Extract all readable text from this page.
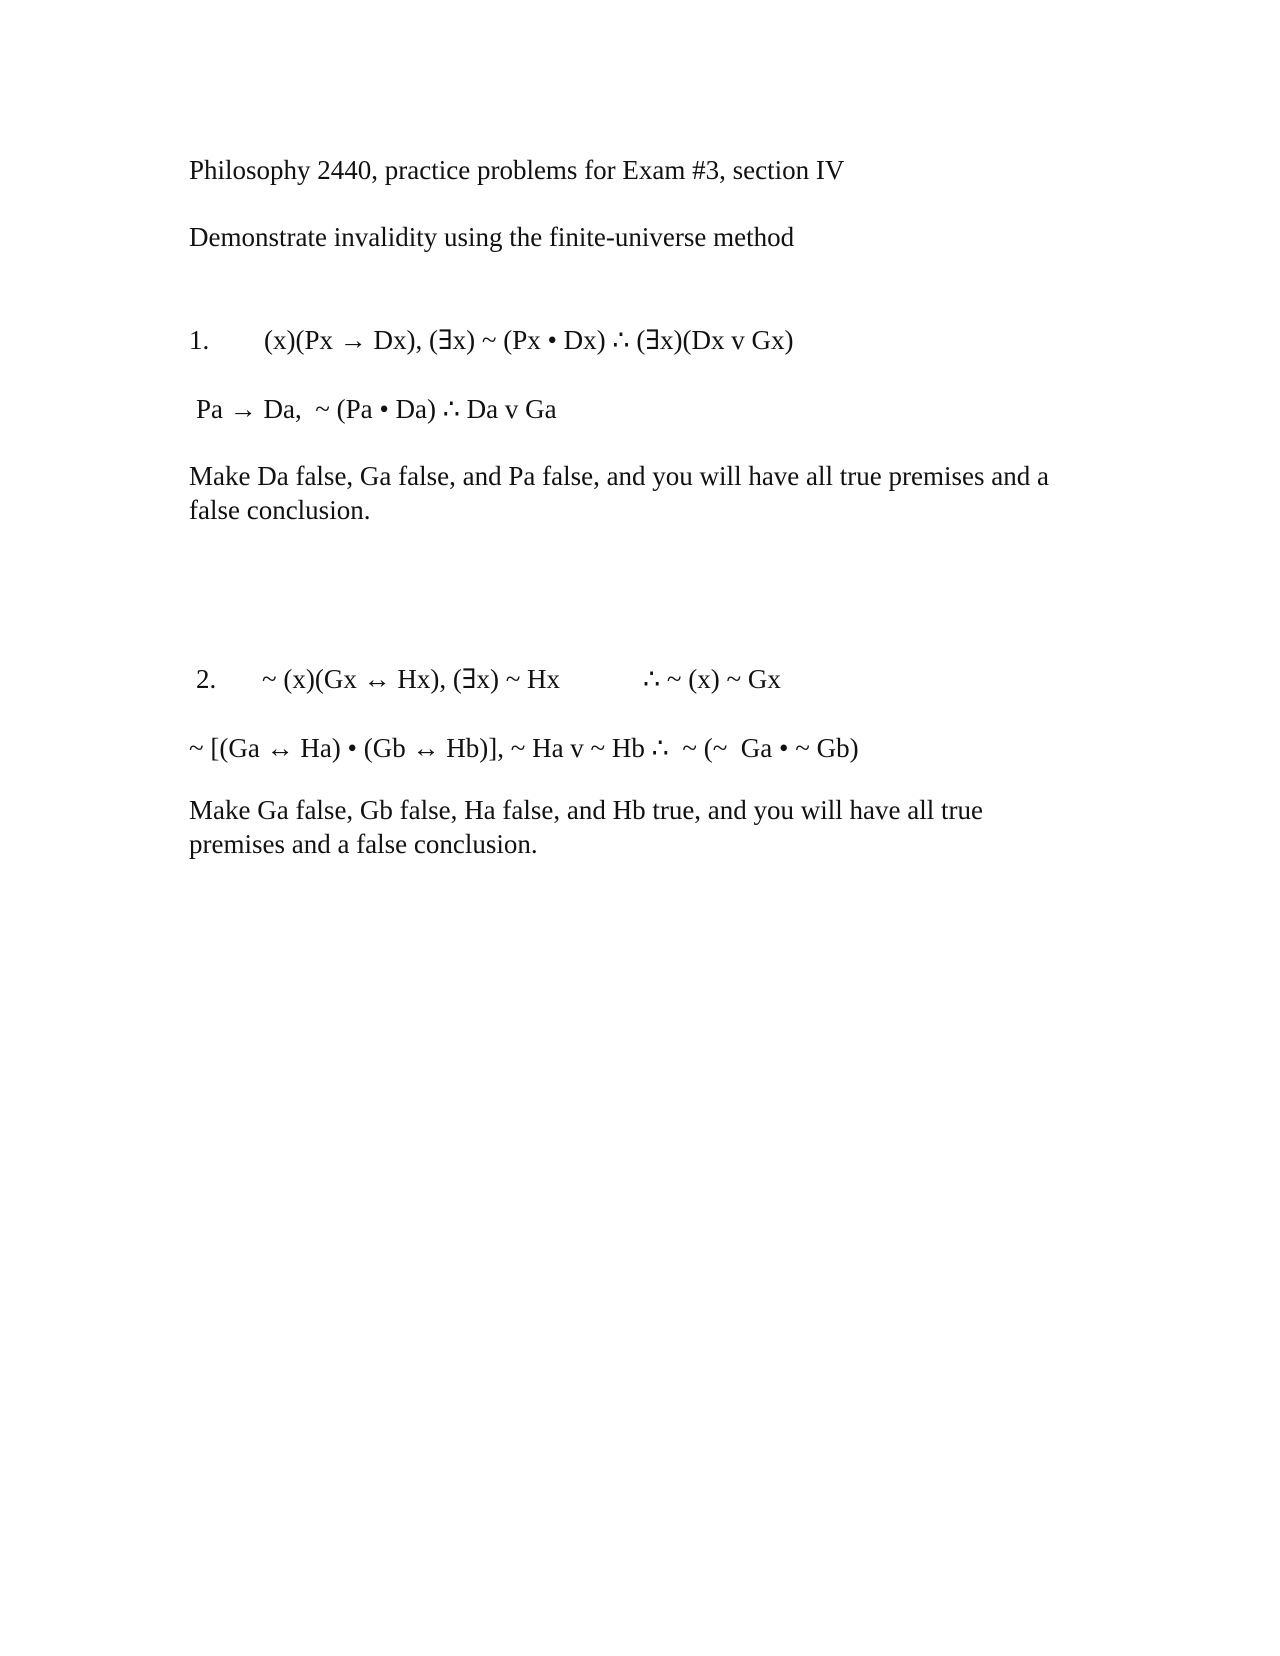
Philosophy 2440, practice problems for Exam #3, section IV
Demonstrate invalidity using the finite-universe method
1. (x)(Px → Dx), (∃x) ~ (Px • Dx) ∴ (∃x)(Dx v Gx)
Pa → Da,  ~ (Pa • Da) ∴ Da v Ga
Make Da false, Ga false, and Pa false, and you will have all true premises and a false conclusion.
2. ~ (x)(Gx ↔ Hx), (∃x) ~ Hx	∴ ~ (x) ~ Gx
~ [(Ga ↔ Ha) • (Gb ↔ Hb)], ~ Ha v ~ Hb ∴  ~ (~  Ga • ~ Gb)
Make Ga false, Gb false, Ha false, and Hb true, and you will have all true premises and a false conclusion.
